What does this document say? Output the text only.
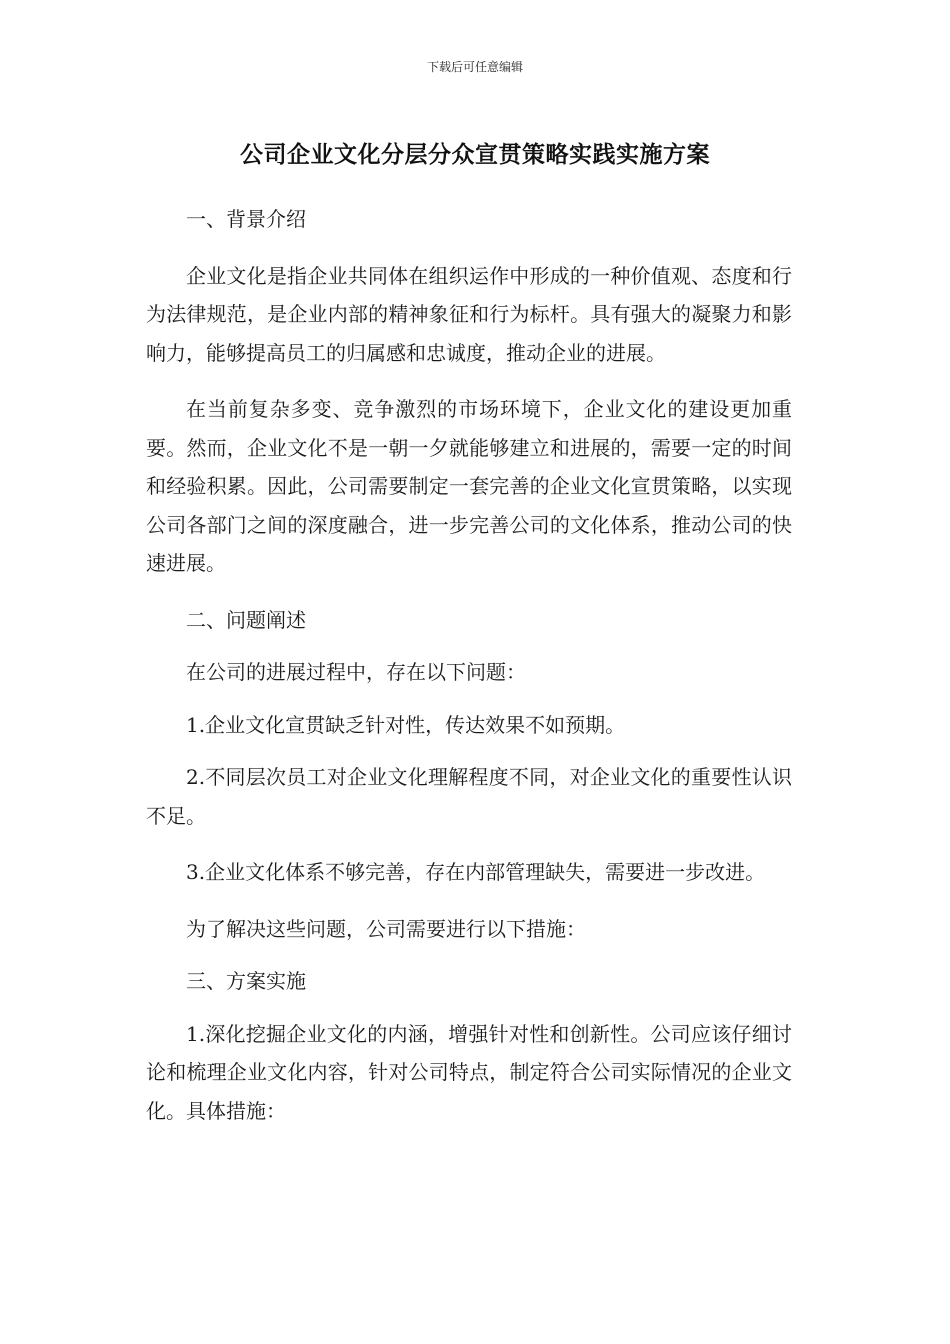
下载后可任意编辑
公司企业文化分层分众宣贯策略实践实施方案

一、背景介绍

企业文化是指企业共同体在组织运作中形成的一种价值观、态度和行为法律规范，是企业内部的精神象征和行为标杆。具有强大的凝聚力和影响力，能够提高员工的归属感和忠诚度，推动企业的进展。

在当前复杂多变、竞争激烈的市场环境下，企业文化的建设更加重要。然而，企业文化不是一朝一夕就能够建立和进展的，需要一定的时间和经验积累。因此，公司需要制定一套完善的企业文化宣贯策略，以实现公司各部门之间的深度融合，进一步完善公司的文化体系，推动公司的快速进展。

二、问题阐述

在公司的进展过程中，存在以下问题：

1.企业文化宣贯缺乏针对性，传达效果不如预期。

2.不同层次员工对企业文化理解程度不同，对企业文化的重要性认识不足。

3.企业文化体系不够完善，存在内部管理缺失，需要进一步改进。

为了解决这些问题，公司需要进行以下措施：

三、方案实施

1.深化挖掘企业文化的内涵，增强针对性和创新性。公司应该仔细讨论和梳理企业文化内容，针对公司特点，制定符合公司实际情况的企业文化。具体措施：
